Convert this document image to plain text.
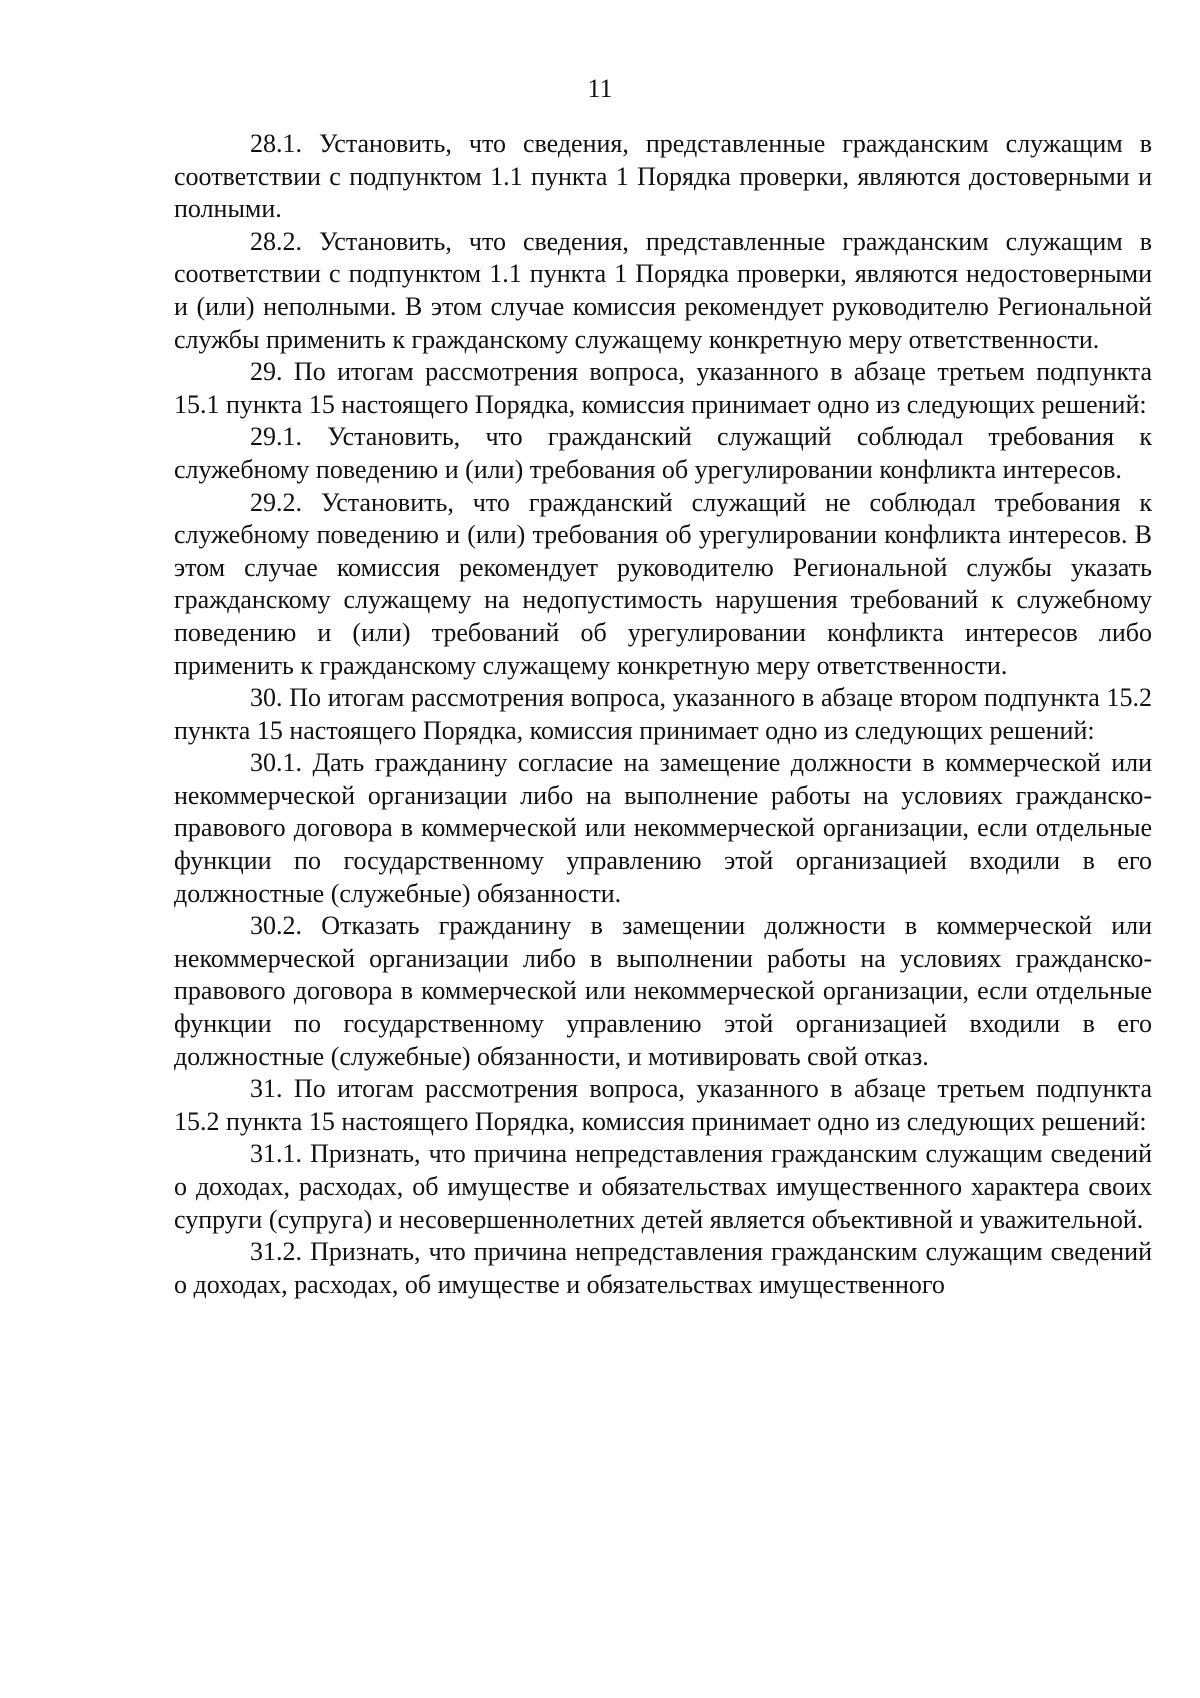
11

28.1. Установить, что сведения, представленные гражданским служащим в соответствии с подпунктом 1.1 пункта 1 Порядка проверки, являются достоверными и полными.

28.2. Установить, что сведения, представленные гражданским служащим в соответствии с подпунктом 1.1 пункта 1 Порядка проверки, являются недостоверными и (или) неполными. В этом случае комиссия рекомендует руководителю Региональной службы применить к гражданскому служащему конкретную меру ответственности.

29. По итогам рассмотрения вопроса, указанного в абзаце третьем подпункта 15.1 пункта 15 настоящего Порядка, комиссия принимает одно из следующих решений:

29.1. Установить, что гражданский служащий соблюдал требования к служебному поведению и (или) требования об урегулировании конфликта интересов.

29.2. Установить, что гражданский служащий не соблюдал требования к служебному поведению и (или) требования об урегулировании конфликта интересов. В этом случае комиссия рекомендует руководителю Региональной службы указать гражданскому служащему на недопустимость нарушения требований к служебному поведению и (или) требований об урегулировании конфликта интересов либо применить к гражданскому служащему конкретную меру ответственности.

30. По итогам рассмотрения вопроса, указанного в абзаце втором подпункта 15.2 пункта 15 настоящего Порядка, комиссия принимает одно из следующих решений:

30.1. Дать гражданину согласие на замещение должности в коммерческой или некоммерческой организации либо на выполнение работы на условиях гражданско-правового договора в коммерческой или некоммерческой организации, если отдельные функции по государственному управлению этой организацией входили в его должностные (служебные) обязанности.

30.2. Отказать гражданину в замещении должности в коммерческой или некоммерческой организации либо в выполнении работы на условиях гражданско-правового договора в коммерческой или некоммерческой организации, если отдельные функции по государственному управлению этой организацией входили в его должностные (служебные) обязанности, и мотивировать свой отказ.

31. По итогам рассмотрения вопроса, указанного в абзаце третьем подпункта 15.2 пункта 15 настоящего Порядка, комиссия принимает одно из следующих решений:

31.1. Признать, что причина непредставления гражданским служащим сведений о доходах, расходах, об имуществе и обязательствах имущественного характера своих супруги (супруга) и несовершеннолетних детей является объективной и уважительной.

31.2. Признать, что причина непредставления гражданским служащим сведений о доходах, расходах, об имуществе и обязательствах имущественного
